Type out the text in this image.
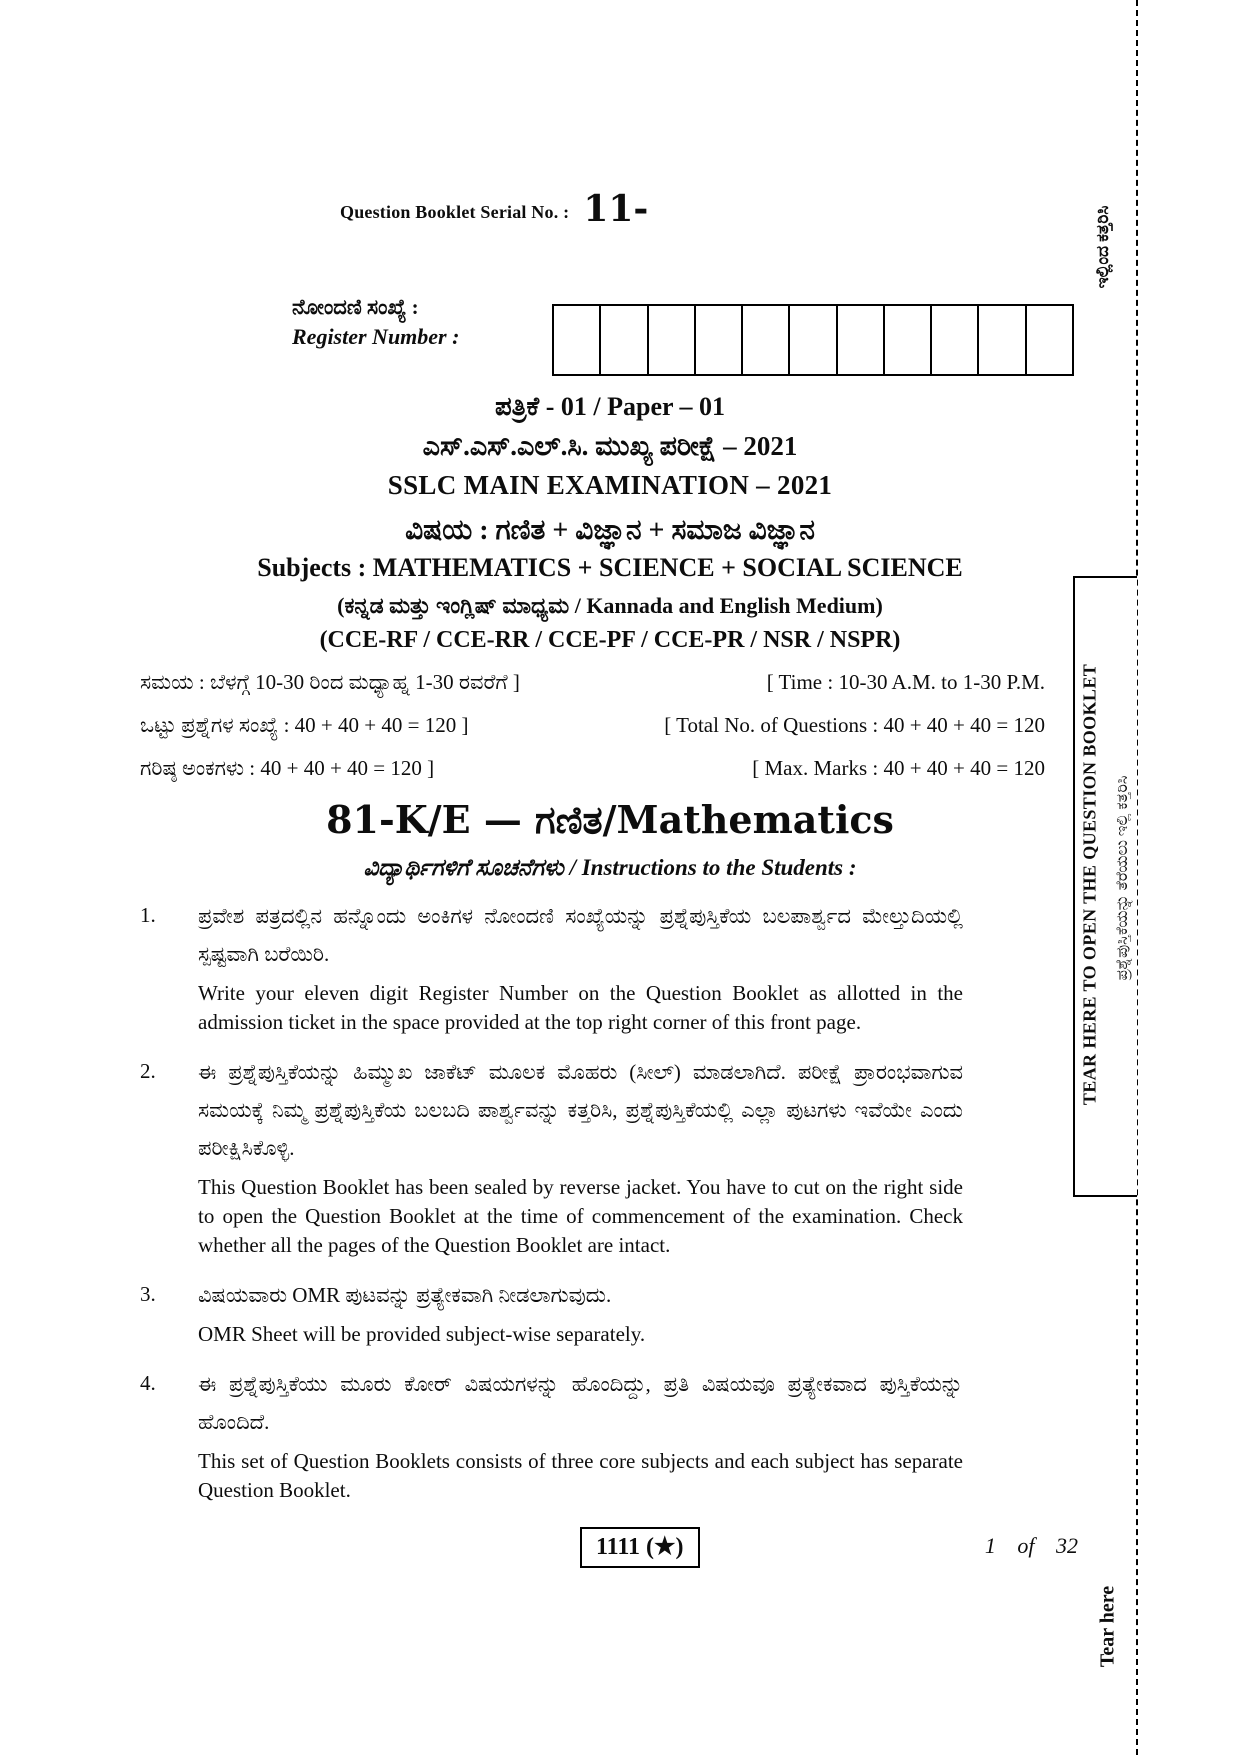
Question Booklet Serial No. : 11-
ನೋಂದಣಿ ಸಂಖ್ಯೆ :
Register Number :
ಪತ್ರಿಕೆ - 01 / Paper – 01
ಎಸ್.ಎಸ್.ಎಲ್.ಸಿ. ಮುಖ್ಯ ಪರೀಕ್ಷೆ – 2021
SSLC MAIN EXAMINATION – 2021
ವಿಷಯ : ಗಣಿತ + ವಿಜ್ಞಾನ + ಸಮಾಜ ವಿಜ್ಞಾನ
Subjects : MATHEMATICS + SCIENCE + SOCIAL SCIENCE
(ಕನ್ನಡ ಮತ್ತು ಇಂಗ್ಲಿಷ್ ಮಾಧ್ಯಮ / Kannada and English Medium)
(CCE-RF / CCE-RR / CCE-PF / CCE-PR / NSR / NSPR)
ಸಮಯ : ಬೆಳಗ್ಗೆ 10-30 ರಿಂದ ಮಧ್ಯಾಹ್ನ 1-30 ರವರೆಗೆ ]	[ Time : 10-30 A.M. to 1-30 P.M.
ಒಟ್ಟು ಪ್ರಶ್ನೆಗಳ ಸಂಖ್ಯೆ : 40 + 40 + 40 = 120 ]	[ Total No. of Questions : 40 + 40 + 40 = 120
ಗರಿಷ್ಠ ಅಂಕಗಳು : 40 + 40 + 40 = 120 ]	[ Max. Marks : 40 + 40 + 40 = 120
81-K/E — ಗಣಿತ/Mathematics
ವಿದ್ಯಾರ್ಥಿಗಳಿಗೆ ಸೂಚನೆಗಳು / Instructions to the Students :
1.	ಪ್ರವೇಶ ಪತ್ರದಲ್ಲಿನ ಹನ್ನೊಂದು ಅಂಕಿಗಳ ನೋಂದಣಿ ಸಂಖ್ಯೆಯನ್ನು ಪ್ರಶ್ನೆಪುಸ್ತಿಕೆಯ ಬಲಪಾರ್ಶ್ವದ ಮೇಲ್ತುದಿಯಲ್ಲಿ ಸ್ಪಷ್ಟವಾಗಿ ಬರೆಯಿರಿ.
Write your eleven digit Register Number on the Question Booklet as allotted in the admission ticket in the space provided at the top right corner of this front page.
2.	ಈ ಪ್ರಶ್ನೆಪುಸ್ತಿಕೆಯನ್ನು ಹಿಮ್ಮುಖ ಜಾಕೆಟ್ ಮೂಲಕ ಮೊಹರು (ಸೀಲ್) ಮಾಡಲಾಗಿದೆ. ಪರೀಕ್ಷೆ ಪ್ರಾರಂಭವಾಗುವ ಸಮಯಕ್ಕೆ ನಿಮ್ಮ ಪ್ರಶ್ನೆಪುಸ್ತಿಕೆಯ ಬಲಬದಿ ಪಾರ್ಶ್ವವನ್ನು ಕತ್ತರಿಸಿ, ಪ್ರಶ್ನೆಪುಸ್ತಿಕೆಯಲ್ಲಿ ಎಲ್ಲಾ ಪುಟಗಳು ಇವೆಯೇ ಎಂದು ಪರೀಕ್ಷಿಸಿಕೊಳ್ಳಿ.
This Question Booklet has been sealed by reverse jacket. You have to cut on the right side to open the Question Booklet at the time of commencement of the examination. Check whether all the pages of the Question Booklet are intact.
3.	ವಿಷಯವಾರು OMR ಪುಟವನ್ನು ಪ್ರತ್ಯೇಕವಾಗಿ ನೀಡಲಾಗುವುದು.
OMR Sheet will be provided subject-wise separately.
4.	ಈ ಪ್ರಶ್ನೆಪುಸ್ತಿಕೆಯು ಮೂರು ಕೋರ್ ವಿಷಯಗಳನ್ನು ಹೊಂದಿದ್ದು, ಪ್ರತಿ ವಿಷಯವೂ ಪ್ರತ್ಯೇಕವಾದ ಪುಸ್ತಿಕೆಯನ್ನು ಹೊಂದಿದೆ.
This set of Question Booklets consists of three core subjects and each subject has separate Question Booklet.
1111 (★)	1 of 32
ಇಲ್ಲಿಂದ ಕತ್ತರಿಸಿ
TEAR HERE TO OPEN THE QUESTION BOOKLET ಪ್ರಶ್ನೆಪುಸ್ತಿಕೆಯನ್ನು ತೆರೆಯಲು ಇಲ್ಲಿ ಕತ್ತರಿಸಿ
Tear here
